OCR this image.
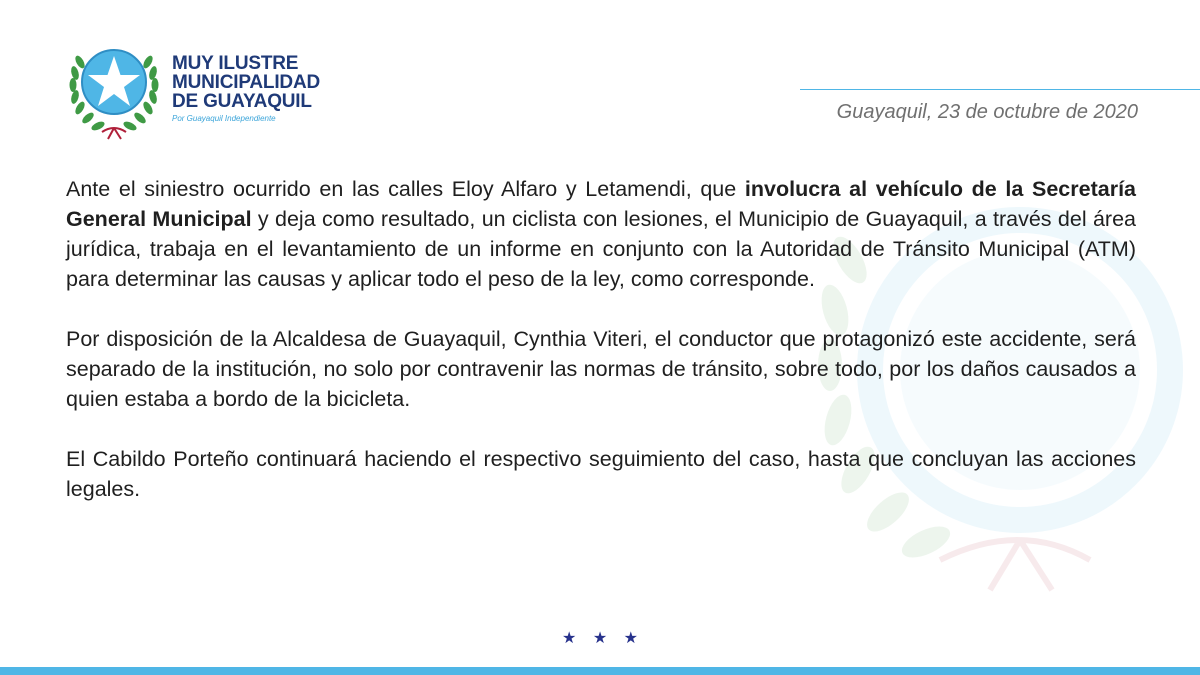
MUY ILUSTRE
MUNICIPALIDAD
DE GUAYAQUIL
Por Guayaquil Independiente	Guayaquil, 23 de octubre de 2020

Ante el siniestro ocurrido en las calles Eloy Alfaro y Letamendi, que involucra al vehículo de la Secretaría General Municipal y deja como resultado, un ciclista con lesiones, el Municipio de Guayaquil, a través del área jurídica, trabaja en el levantamiento de un informe en conjunto con la Autoridad de Tránsito Municipal (ATM) para determinar las causas y aplicar todo el peso de la ley, como corresponde.

Por disposición de la Alcaldesa de Guayaquil, Cynthia Viteri, el conductor que protagonizó este accidente, será separado de la institución, no solo por contravenir las normas de tránsito, sobre todo, por los daños causados a quien estaba a bordo de la bicicleta.

El Cabildo Porteño continuará haciendo el respectivo seguimiento del caso, hasta que concluyan las acciones legales.

★ ★ ★
